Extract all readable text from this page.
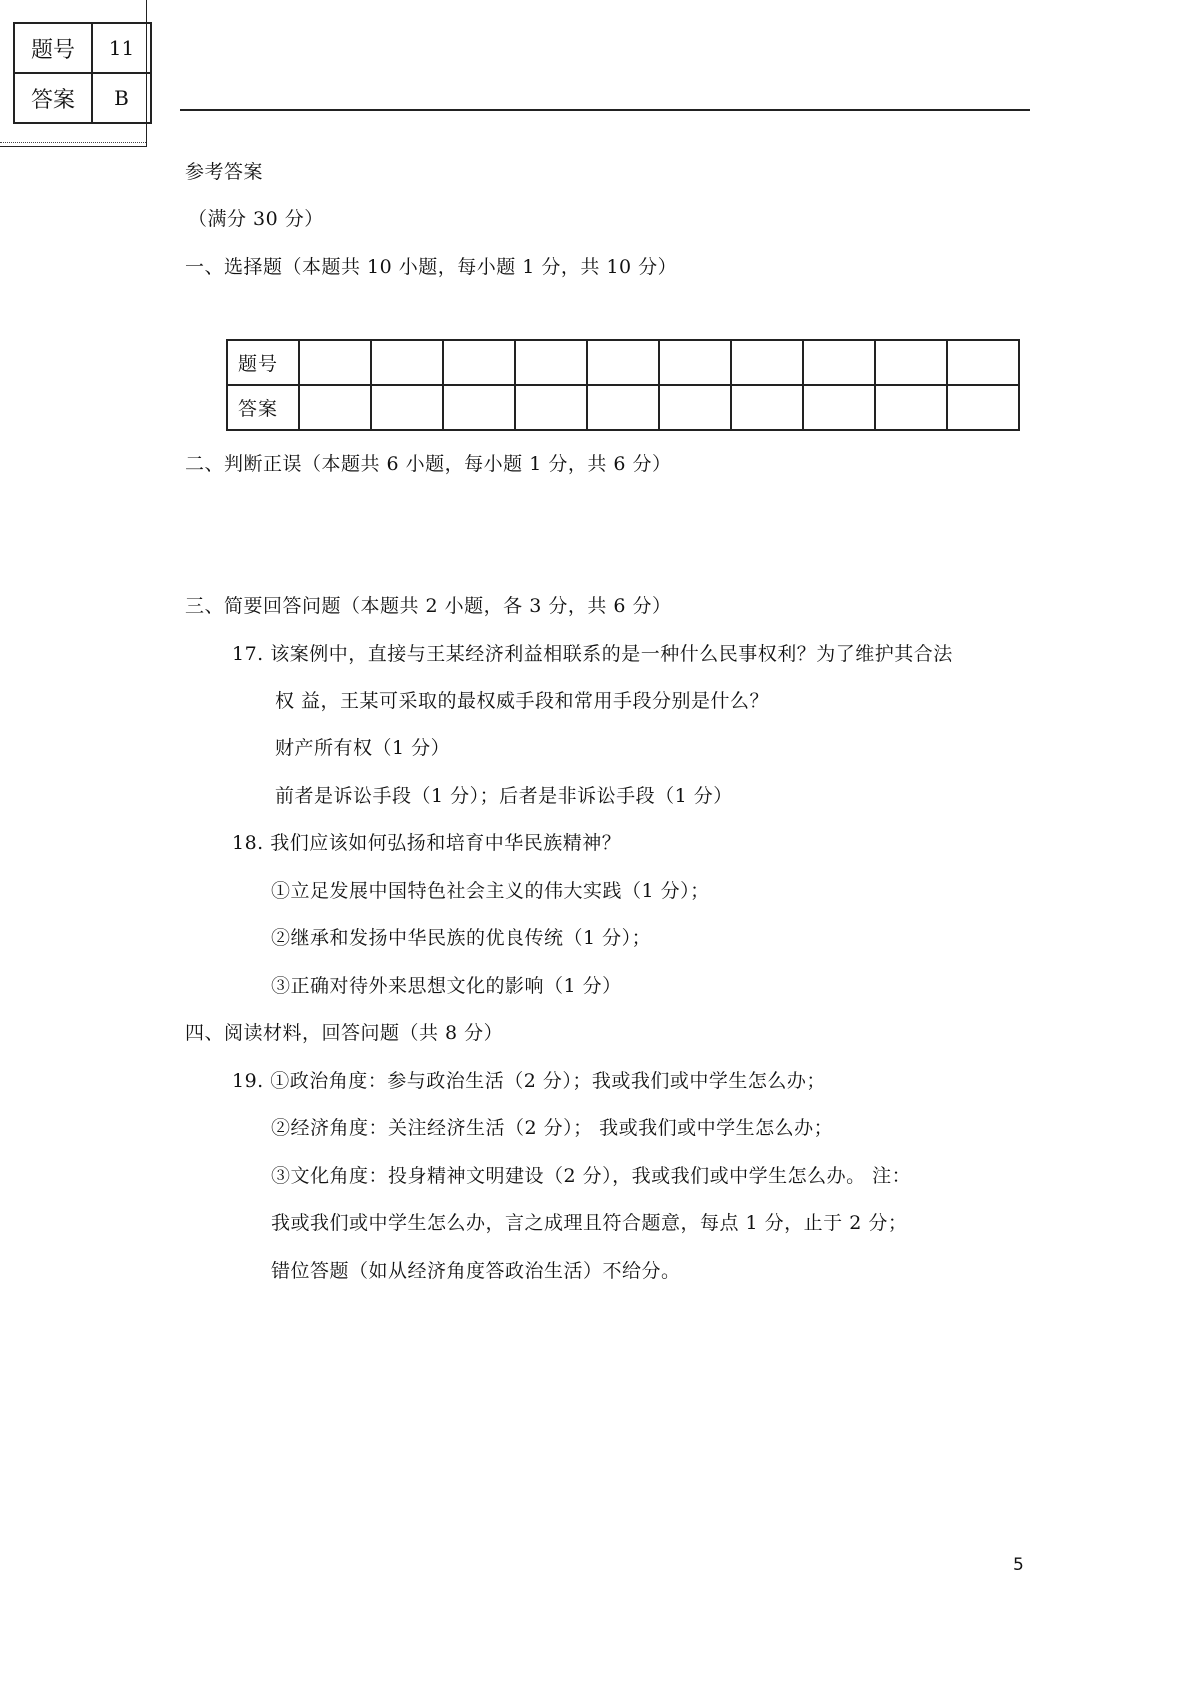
题号	11
答案	B
参考答案
（满分 30 分）
一、选择题（本题共 10 小题，每小题 1 分，共 10 分）
题号										
答案										
二、判断正误（本题共 6 小题，每小题 1 分，共 6 分）
三、简要回答问题（本题共 2 小题，各 3 分，共 6 分）
17. 该案例中，直接与王某经济利益相联系的是一种什么民事权利？为了维护其合法
权 益，王某可采取的最权威手段和常用手段分别是什么？
财产所有权（1 分）
前者是诉讼手段（1 分）；后者是非诉讼手段（1 分）
18. 我们应该如何弘扬和培育中华民族精神？
①立足发展中国特色社会主义的伟大实践（1 分）；
②继承和发扬中华民族的优良传统（1 分）；
③正确对待外来思想文化的影响（1 分）
四、阅读材料，回答问题（共 8 分）
19. ①政治角度：参与政治生活（2 分）；我或我们或中学生怎么办；
②经济角度：关注经济生活（2 分）； 我或我们或中学生怎么办；
③文化角度：投身精神文明建设（2 分），我或我们或中学生怎么办。 注：
我或我们或中学生怎么办，言之成理且符合题意，每点 1 分，止于 2 分；
错位答题（如从经济角度答政治生活）不给分。
5
